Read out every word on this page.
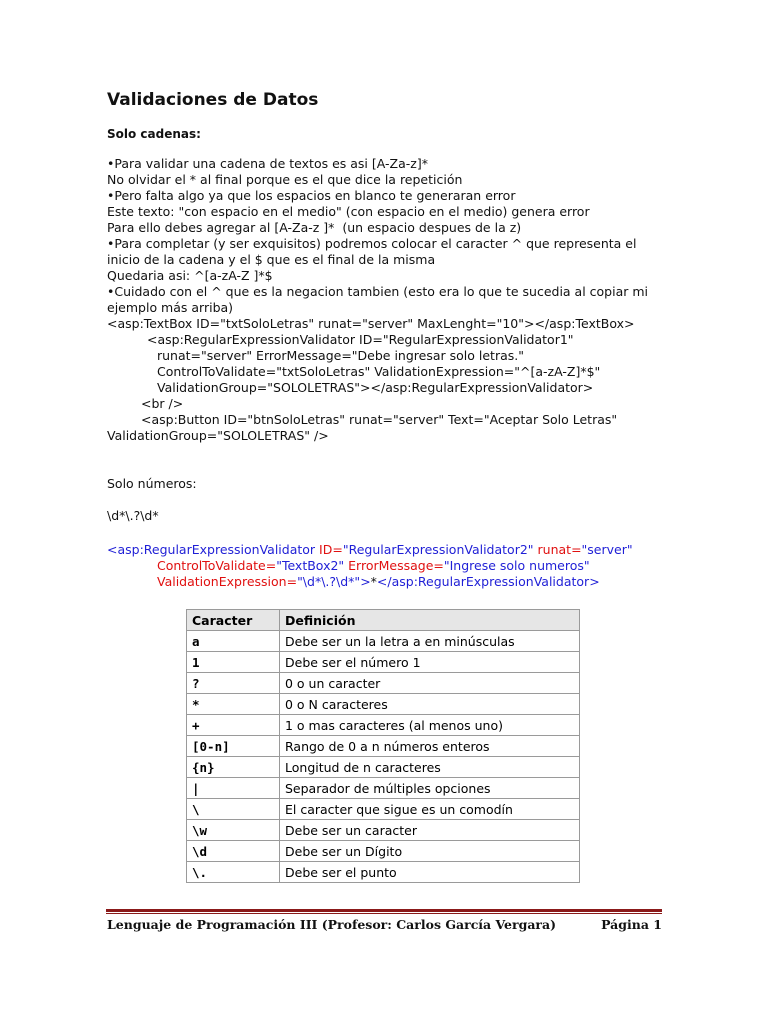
Validaciones de Datos
Solo cadenas:
•Para validar una cadena de textos es asi [A-Za-z]*
No olvidar el * al final porque es el que dice la repetición
•Pero falta algo ya que los espacios en blanco te generaran error
Este texto: "con espacio en el medio" (con espacio en el medio) genera error
Para ello debes agregar al [A-Za-z ]*  (un espacio despues de la z)
•Para completar (y ser exquisitos) podremos colocar el caracter ^ que representa el inicio de la cadena y el $ que es el final de la misma
Quedaria asi: ^[a-zA-Z ]*$
•Cuidado con el ^ que es la negacion tambien (esto era lo que te sucedia al copiar mi ejemplo más arriba)
<asp:TextBox ID="txtSoloLetras" runat="server" MaxLenght="10"></asp:TextBox>
<asp:RegularExpressionValidator ID="RegularExpressionValidator1"
runat="server" ErrorMessage="Debe ingresar solo letras."
ControlToValidate="txtSoloLetras" ValidationExpression="^[a-zA-Z]*$"
ValidationGroup="SOLOLETRAS"></asp:RegularExpressionValidator>
<br />
<asp:Button ID="btnSoloLetras" runat="server" Text="Aceptar Solo Letras"
ValidationGroup="SOLOLETRAS" />
Solo números:
\d*\.?\d*
<asp:RegularExpressionValidator ID="RegularExpressionValidator2" runat="server"
ControlToValidate="TextBox2" ErrorMessage="Ingrese solo numeros"
ValidationExpression="\d*\.?\d*">*</asp:RegularExpressionValidator>
Caracter	Definición
a	Debe ser un la letra a en minúsculas
1	Debe ser el número 1
?	0 o un caracter
*	0 o N caracteres
+	1 o mas caracteres (al menos uno)
[0-n]	Rango de 0 a n números enteros
{n}	Longitud de n caracteres
|	Separador de múltiples opciones
\	El caracter que sigue es un comodín
\w	Debe ser un caracter
\d	Debe ser un Dígito
\.	Debe ser el punto
Lenguaje de Programación III (Profesor: Carlos García Vergara)	Página 1
